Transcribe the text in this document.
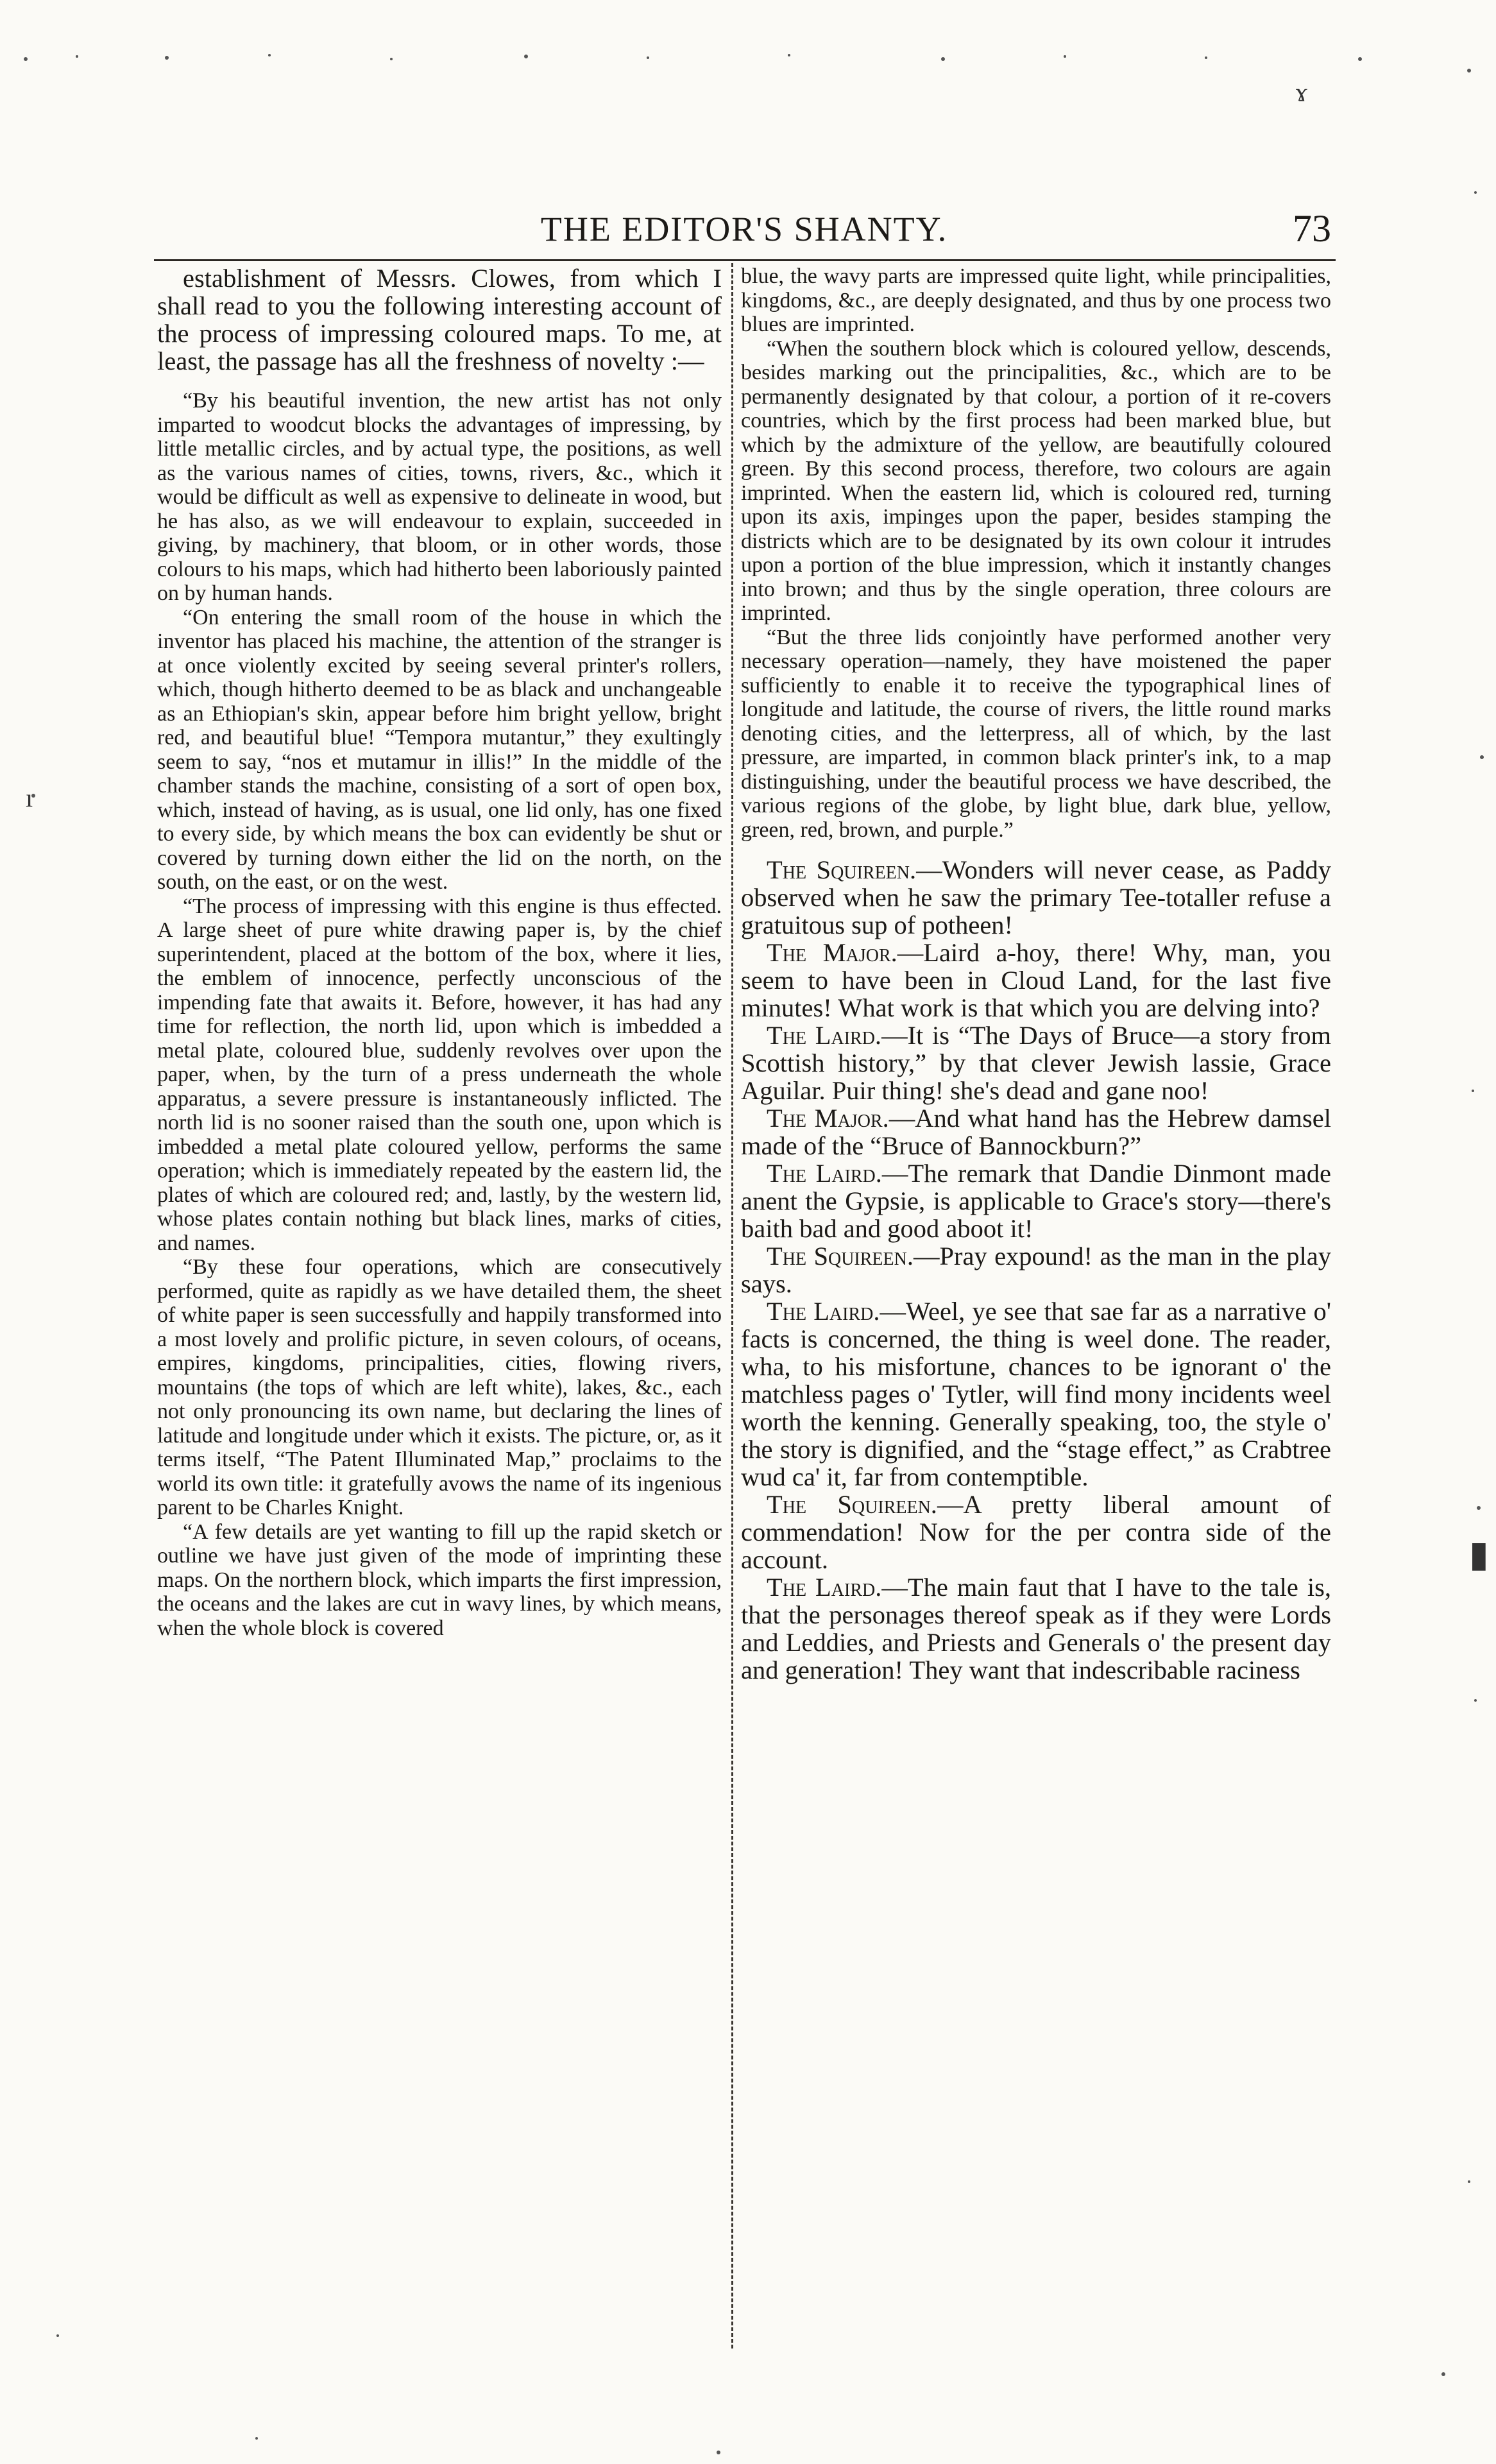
ɤ
▮
ı
THE EDITOR'S SHANTY.	73

establishment of Messrs. Clowes, from which I shall read to you the following interesting account of the process of impressing coloured maps. To me, at least, the passage has all the freshness of novelty :—

“By his beautiful invention, the new artist has not only imparted to woodcut blocks the advantages of impressing, by little metallic circles, and by actual type, the positions, as well as the various names of cities, towns, rivers, &c., which it would be difficult as well as expensive to delineate in wood, but he has also, as we will endeavour to explain, succeeded in giving, by machinery, that bloom, or in other words, those colours to his maps, which had hitherto been laboriously painted on by human hands.

“On entering the small room of the house in which the inventor has placed his machine, the attention of the stranger is at once violently excited by seeing several printer's rollers, which, though hitherto deemed to be as black and unchangeable as an Ethiopian's skin, appear before him bright yellow, bright red, and beautiful blue! “Tempora mutantur,” they exultingly seem to say, “nos et mutamur in illis!” In the middle of the chamber stands the machine, consisting of a sort of open box, which, instead of having, as is usual, one lid only, has one fixed to every side, by which means the box can evidently be shut or covered by turning down either the lid on the north, on the south, on the east, or on the west.

“The process of impressing with this engine is thus effected. A large sheet of pure white drawing paper is, by the chief superintendent, placed at the bottom of the box, where it lies, the emblem of innocence, perfectly unconscious of the impending fate that awaits it. Before, however, it has had any time for reflection, the north lid, upon which is imbedded a metal plate, coloured blue, suddenly revolves over upon the paper, when, by the turn of a press underneath the whole apparatus, a severe pressure is instantaneously inflicted. The north lid is no sooner raised than the south one, upon which is imbedded a metal plate coloured yellow, performs the same operation; which is immediately repeated by the eastern lid, the plates of which are coloured red; and, lastly, by the western lid, whose plates contain nothing but black lines, marks of cities, and names.

“By these four operations, which are consecutively performed, quite as rapidly as we have detailed them, the sheet of white paper is seen successfully and happily transformed into a most lovely and prolific picture, in seven colours, of oceans, empires, kingdoms, principalities, cities, flowing rivers, mountains (the tops of which are left white), lakes, &c., each not only pronouncing its own name, but declaring the lines of latitude and longitude under which it exists. The picture, or, as it terms itself, “The Patent Illuminated Map,” proclaims to the world its own title: it gratefully avows the name of its ingenious parent to be Charles Knight.

“A few details are yet wanting to fill up the rapid sketch or outline we have just given of the mode of imprinting these maps. On the northern block, which imparts the first impression, the oceans and the lakes are cut in wavy lines, by which means, when the whole block is covered

blue, the wavy parts are impressed quite light, while principalities, kingdoms, &c., are deeply designated, and thus by one process two blues are imprinted.

“When the southern block which is coloured yellow, descends, besides marking out the principalities, &c., which are to be permanently designated by that colour, a portion of it re-covers countries, which by the first process had been marked blue, but which by the admixture of the yellow, are beautifully coloured green. By this second process, therefore, two colours are again imprinted. When the eastern lid, which is coloured red, turning upon its axis, impinges upon the paper, besides stamping the districts which are to be designated by its own colour it intrudes upon a portion of the blue impression, which it instantly changes into brown; and thus by the single operation, three colours are imprinted.

“But the three lids conjointly have performed another very necessary operation—namely, they have moistened the paper sufficiently to enable it to receive the typographical lines of longitude and latitude, the course of rivers, the little round marks denoting cities, and the letterpress, all of which, by the last pressure, are imparted, in common black printer's ink, to a map distinguishing, under the beautiful process we have described, the various regions of the globe, by light blue, dark blue, yellow, green, red, brown, and purple.”

The Squireen.—Wonders will never cease, as Paddy observed when he saw the primary Tee-totaller refuse a gratuitous sup of potheen!

The Major.—Laird a-hoy, there! Why, man, you seem to have been in Cloud Land, for the last five minutes! What work is that which you are delving into?

The Laird.—It is “The Days of Bruce—a story from Scottish history,” by that clever Jewish lassie, Grace Aguilar. Puir thing! she's dead and gane noo!

The Major.—And what hand has the Hebrew damsel made of the “Bruce of Bannockburn?”

The Laird.—The remark that Dandie Dinmont made anent the Gypsie, is applicable to Grace's story—there's baith bad and good aboot it!

The Squireen.—Pray expound! as the man in the play says.

The Laird.—Weel, ye see that sae far as a narrative o' facts is concerned, the thing is weel done. The reader, wha, to his misfortune, chances to be ignorant o' the matchless pages o' Tytler, will find mony incidents weel worth the kenning. Generally speaking, too, the style o' the story is dignified, and the “stage effect,” as Crabtree wud ca' it, far from contemptible.

The Squireen.—A pretty liberal amount of commendation! Now for the per contra side of the account.

The Laird.—The main faut that I have to the tale is, that the personages thereof speak as if they were Lords and Leddies, and Priests and Generals o' the present day and generation! They want that indescribable raciness
